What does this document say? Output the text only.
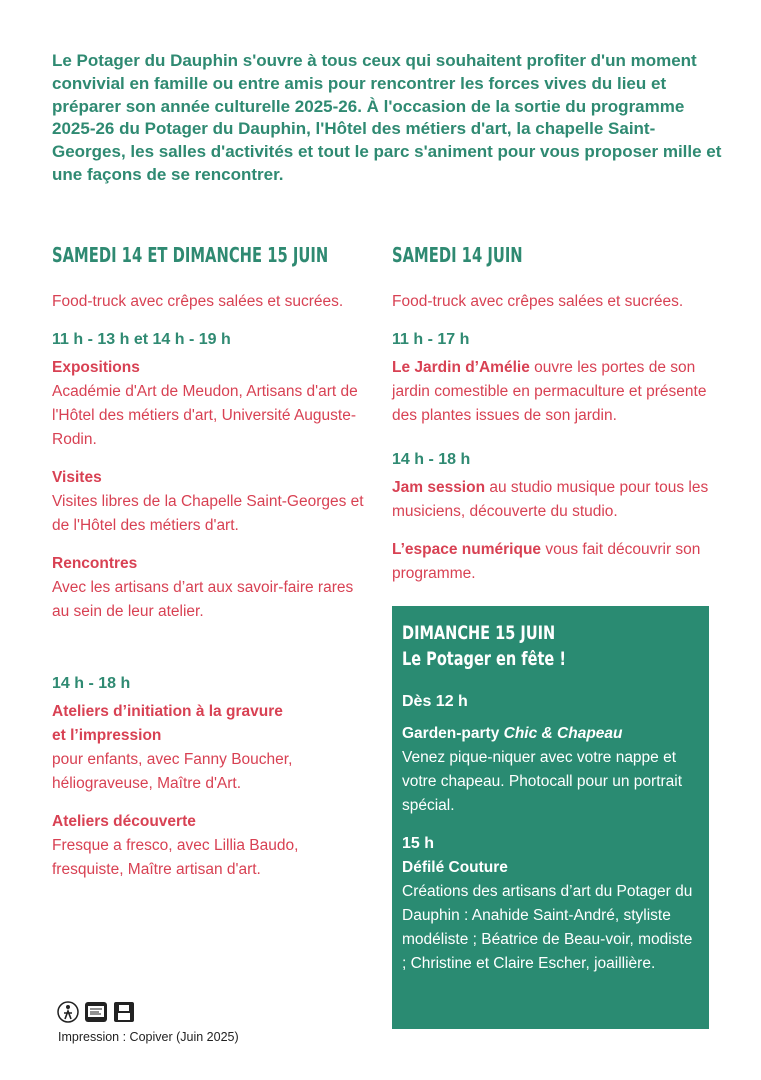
Le Potager du Dauphin s'ouvre à tous ceux qui souhaitent profiter d'un moment convivial en famille ou entre amis pour rencontrer les forces vives du lieu et préparer son année culturelle 2025-26. À l'occasion de la sortie du programme 2025-26 du Potager du Dauphin, l'Hôtel des métiers d'art, la chapelle Saint-Georges, les salles d'activités et tout le parc s'animent pour vous proposer mille et une façons de se rencontrer.
SAMEDI 14 ET DIMANCHE 15 JUIN
Food-truck avec crêpes salées et sucrées.
11 h - 13 h et 14 h - 19 h
Expositions
Académie d'Art de Meudon, Artisans d'art de l'Hôtel des métiers d'art, Université Auguste-Rodin.
Visites
Visites libres de la Chapelle Saint-Georges et de l'Hôtel des métiers d'art.
Rencontres
Avec les artisans d’art aux savoir-faire rares au sein de leur atelier.
14 h - 18 h
Ateliers d’initiation à la gravure et l’impression
pour enfants, avec Fanny Boucher, héliograveuse, Maître d'Art.
Ateliers découverte
Fresque a fresco, avec Lillia Baudo, fresquiste, Maître artisan d'art.
SAMEDI 14 JUIN
Food-truck avec crêpes salées et sucrées.
11 h - 17 h
Le Jardin d’Amélie ouvre les portes de son jardin comestible en permaculture et présente des plantes issues de son jardin.
14 h - 18 h
Jam session au studio musique pour tous les musiciens, découverte du studio.
L’espace numérique vous fait découvrir son programme.
DIMANCHE 15 JUIN
Le Potager en fête !
Dès 12 h
Garden-party Chic & Chapeau
Venez pique-niquer avec votre nappe et votre chapeau. Photocall pour un portrait spécial.
15 h
Défilé Couture
Créations des artisans d’art du Potager du Dauphin : Anahide Saint-André, styliste modéliste ; Béatrice de Beau-voir, modiste ; Christine et Claire Escher, joaillière.
Impression : Copiver (Juin 2025)
